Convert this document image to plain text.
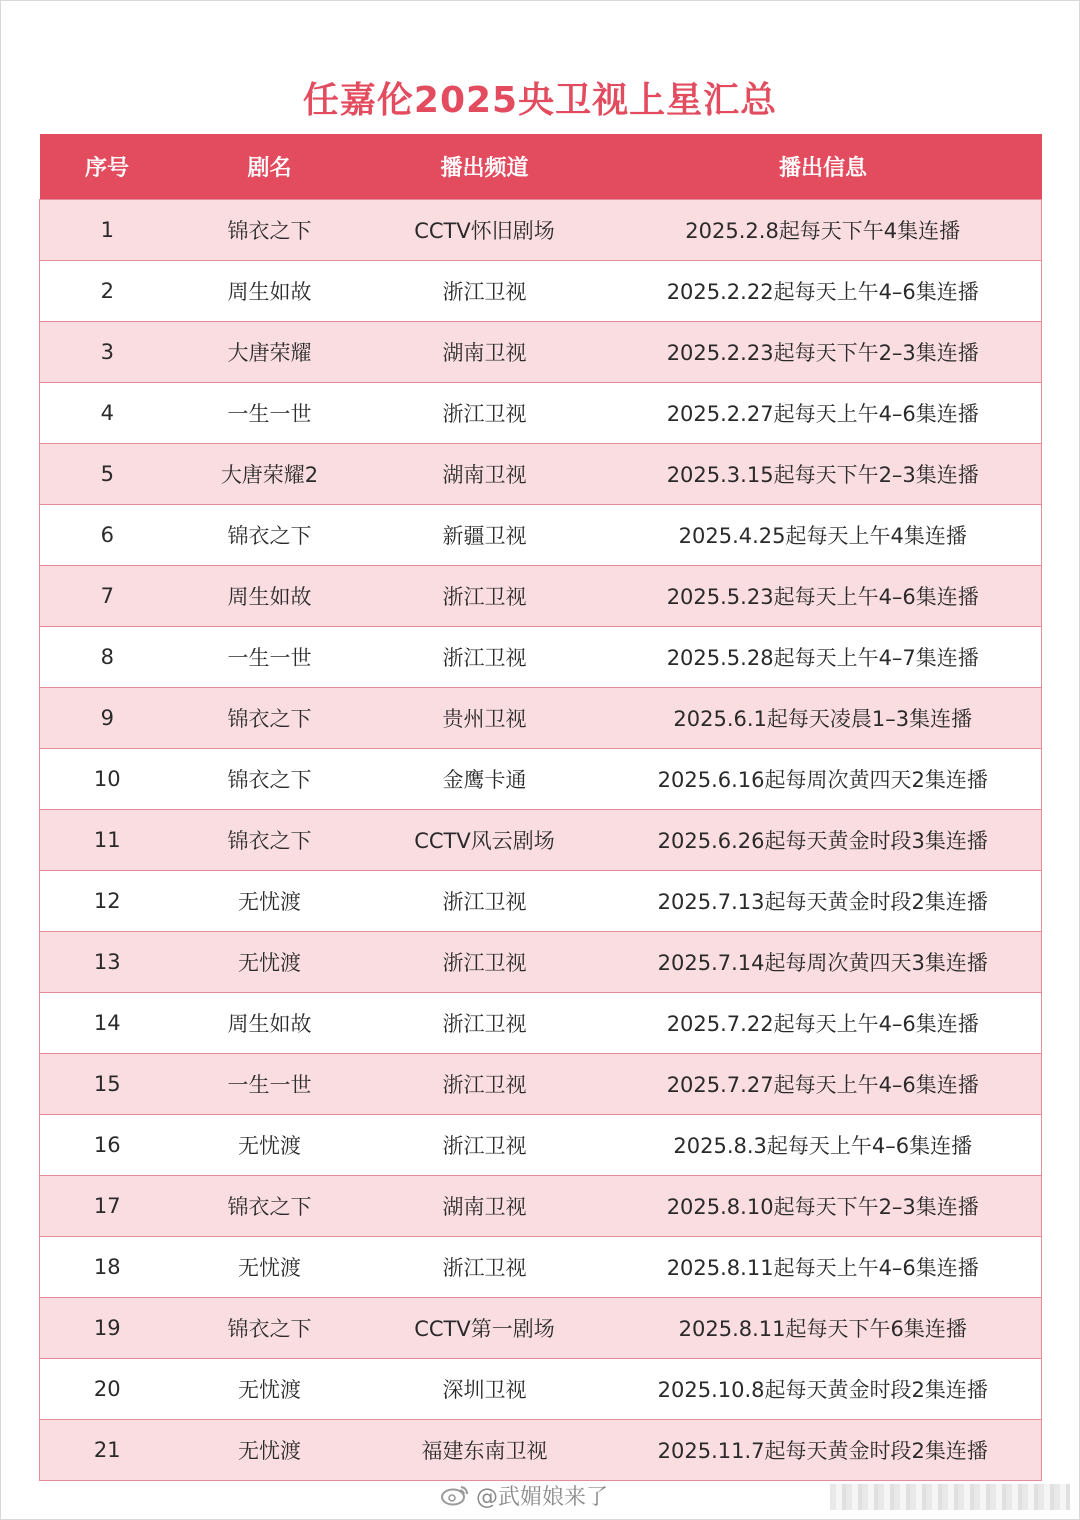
任嘉伦2025央卫视上星汇总
序号	剧名	播出频道	播出信息
1	锦衣之下	CCTV怀旧剧场	2025.2.8起每天下午4集连播
2	周生如故	浙江卫视	2025.2.22起每天上午4–6集连播
3	大唐荣耀	湖南卫视	2025.2.23起每天下午2–3集连播
4	一生一世	浙江卫视	2025.2.27起每天上午4–6集连播
5	大唐荣耀2	湖南卫视	2025.3.15起每天下午2–3集连播
6	锦衣之下	新疆卫视	2025.4.25起每天上午4集连播
7	周生如故	浙江卫视	2025.5.23起每天上午4–6集连播
8	一生一世	浙江卫视	2025.5.28起每天上午4–7集连播
9	锦衣之下	贵州卫视	2025.6.1起每天凌晨1–3集连播
10	锦衣之下	金鹰卡通	2025.6.16起每周次黄四天2集连播
11	锦衣之下	CCTV风云剧场	2025.6.26起每天黄金时段3集连播
12	无忧渡	浙江卫视	2025.7.13起每天黄金时段2集连播
13	无忧渡	浙江卫视	2025.7.14起每周次黄四天3集连播
14	周生如故	浙江卫视	2025.7.22起每天上午4–6集连播
15	一生一世	浙江卫视	2025.7.27起每天上午4–6集连播
16	无忧渡	浙江卫视	2025.8.3起每天上午4–6集连播
17	锦衣之下	湖南卫视	2025.8.10起每天下午2–3集连播
18	无忧渡	浙江卫视	2025.8.11起每天上午4–6集连播
19	锦衣之下	CCTV第一剧场	2025.8.11起每天下午6集连播
20	无忧渡	深圳卫视	2025.10.8起每天黄金时段2集连播
21	无忧渡	福建东南卫视	2025.11.7起每天黄金时段2集连播
@武媚娘来了
